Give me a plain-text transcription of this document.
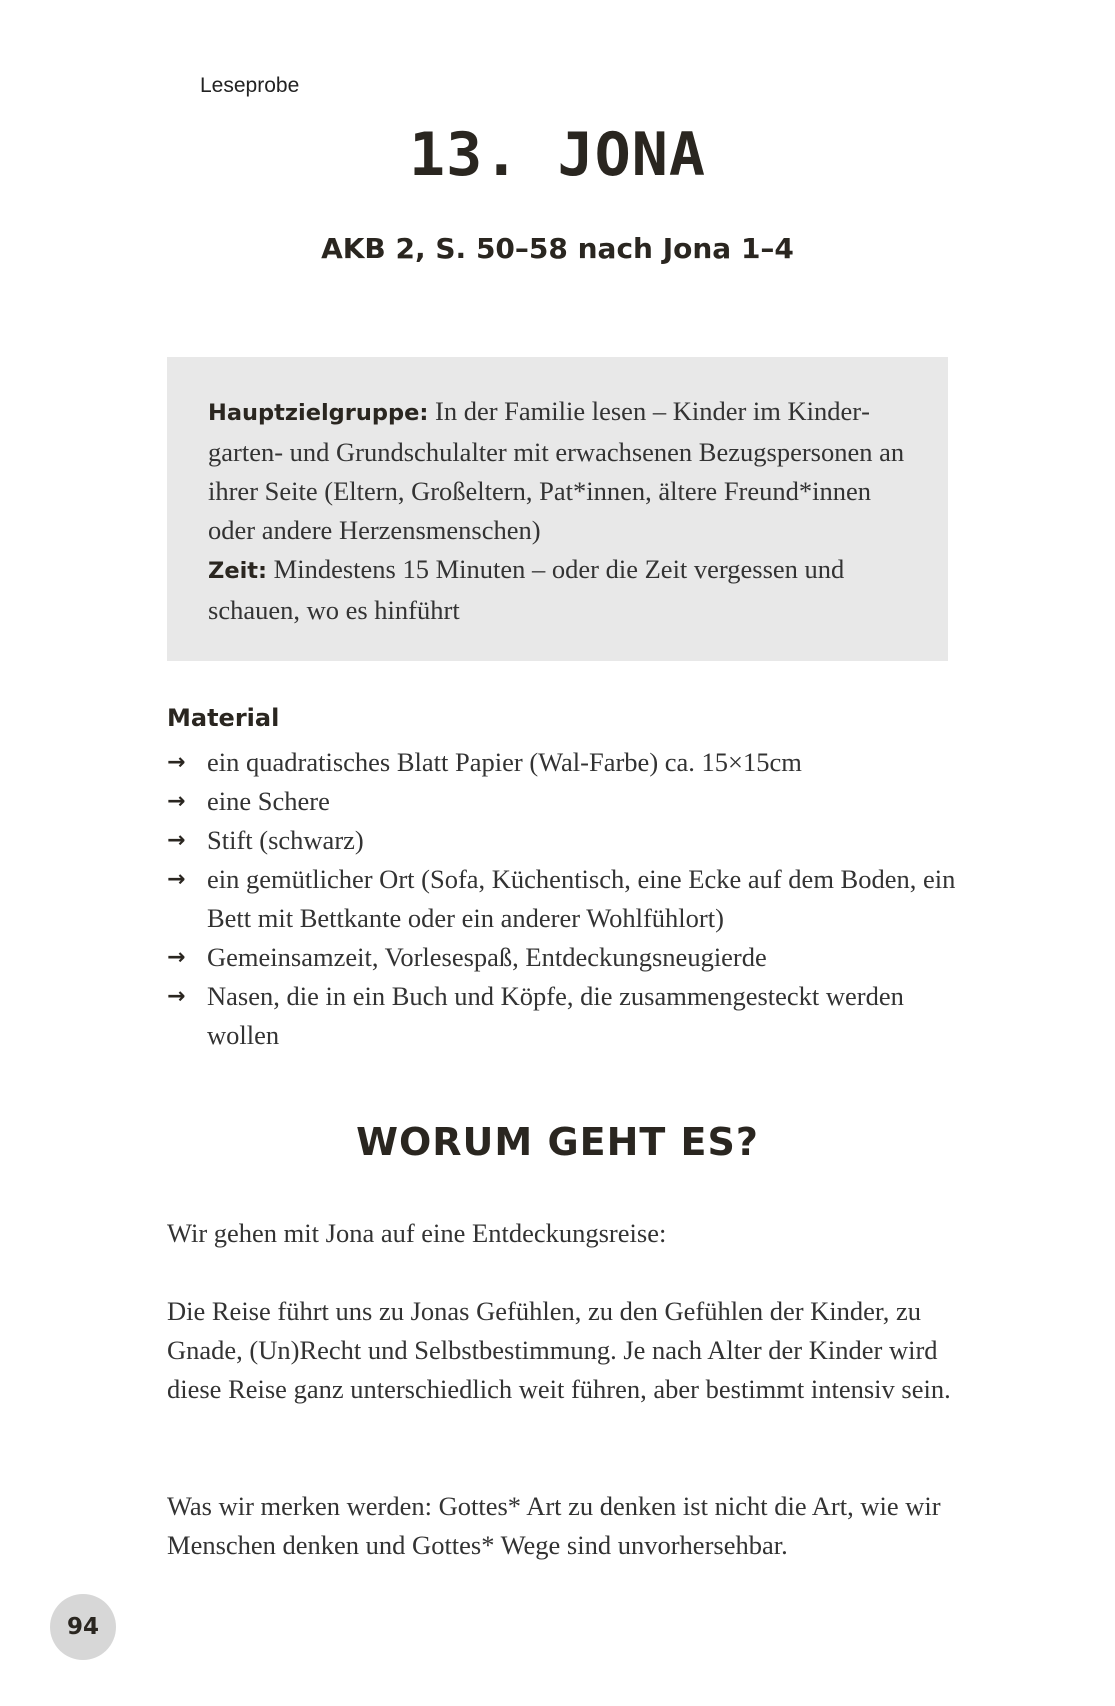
Leseprobe
13. JONA
AKB 2, S. 50–58 nach Jona 1–4

Hauptzielgruppe: In der Familie lesen – Kinder im Kindergarten- und Grundschulalter mit erwachsenen Bezugspersonen an ihrer Seite (Eltern, Großeltern, Pat*innen, ältere Freund*innen oder andere Herzensmenschen)

Zeit: Mindestens 15 Minuten – oder die Zeit vergessen und schauen, wo es hinführt

Material
→ ein quadratisches Blatt Papier (Wal-Farbe) ca. 15×15cm
→ eine Schere
→ Stift (schwarz)
→ ein gemütlicher Ort (Sofa, Küchentisch, eine Ecke auf dem Boden, ein Bett mit Bettkante oder ein anderer Wohlfühlort)
→ Gemeinsamzeit, Vorlesespaß, Entdeckungsneugierde
→ Nasen, die in ein Buch und Köpfe, die zusammengesteckt werden wollen
WORUM GEHT ES?

Wir gehen mit Jona auf eine Entdeckungsreise:

Die Reise führt uns zu Jonas Gefühlen, zu den Gefühlen der Kinder, zu Gnade, (Un)Recht und Selbstbestimmung. Je nach Alter der Kinder wird diese Reise ganz unterschiedlich weit führen, aber bestimmt intensiv sein.

Was wir merken werden: Gottes* Art zu denken ist nicht die Art, wie wir Menschen denken und Gottes* Wege sind unvorhersehbar.

94
